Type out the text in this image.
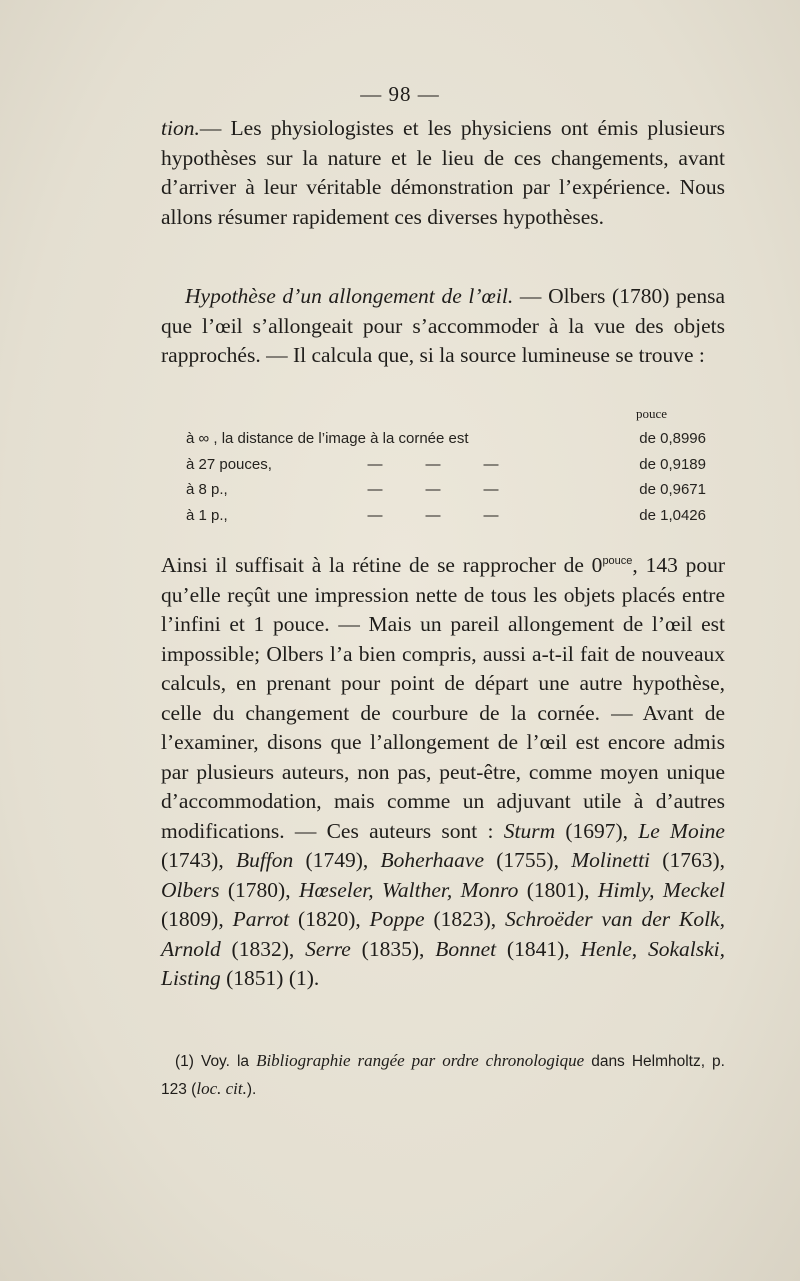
— 98 —

tion.— Les physiologistes et les physiciens ont émis plusieurs hypothèses sur la nature et le lieu de ces changements, avant d’arriver à leur véritable démonstration par l’expérience. Nous allons résumer rapidement ces diverses hypothèses.

Hypothèse d’un allongement de l’œil. — Olbers (1780) pensa que l’œil s’allongeait pour s’accommoder à la vue des objets rapprochés. — Il calcula que, si la source lumineuse se trouve :

pouce
à ∞ , la distance de l’image à la cornée est				de 0,8996
à 27 pouces,	—	—	—	de 0,9189
à 8 p.,	—	—	—	de 0,9671
à 1 p.,	—	—	—	de 1,0426

Ainsi il suffisait à la rétine de se rapprocher de $0^{pouce}$, 143 pour qu’elle reçût une impression nette de tous les objets placés entre l’infini et 1 pouce. — Mais un pareil allongement de l’œil est impossible; Olbers l’a bien compris, aussi a-t-il fait de nouveaux calculs, en prenant pour point de départ une autre hypothèse, celle du changement de courbure de la cornée. — Avant de l’examiner, disons que l’allongement de l’œil est encore admis par plusieurs auteurs, non pas, peut-être, comme moyen unique d’accommodation, mais comme un adjuvant utile à d’autres modifications. — Ces auteurs sont : Sturm (1697), Le Moine (1743), Buffon (1749), Boherhaave (1755), Molinetti (1763), Olbers (1780), Hœseler, Walther, Monro (1801), Himly, Meckel (1809), Parrot (1820), Poppe (1823), Schroëder van der Kolk, Arnold (1832), Serre (1835), Bonnet (1841), Henle, Sokalski, Listing (1851) (1).

(1) Voy. la Bibliographie rangée par ordre chronologique dans Helmholtz, p. 123 (loc. cit.).
